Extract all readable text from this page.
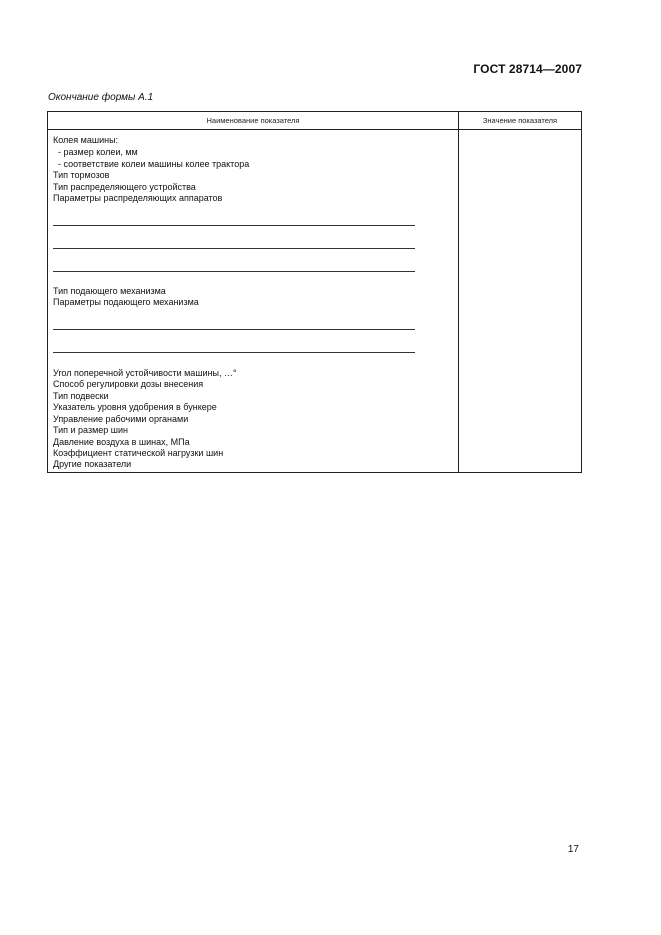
ГОСТ 28714—2007
Окончание формы А.1
Наименование показателя	Значение показателя
Колея машины:
- размер колеи, мм
- соответствие колеи машины колее трактора
Тип тормозов
Тип распределяющего устройства
Параметры распределяющих аппаратов
Тип подающего механизма
Параметры подающего механизма
Угол поперечной устойчивости машины, …°
Способ регулировки дозы внесения
Тип подвески
Указатель уровня удобрения в бункере
Управление рабочими органами
Тип и размер шин
Давление воздуха в шинах, МПа
Коэффициент статической нагрузки шин
Другие показатели
17
